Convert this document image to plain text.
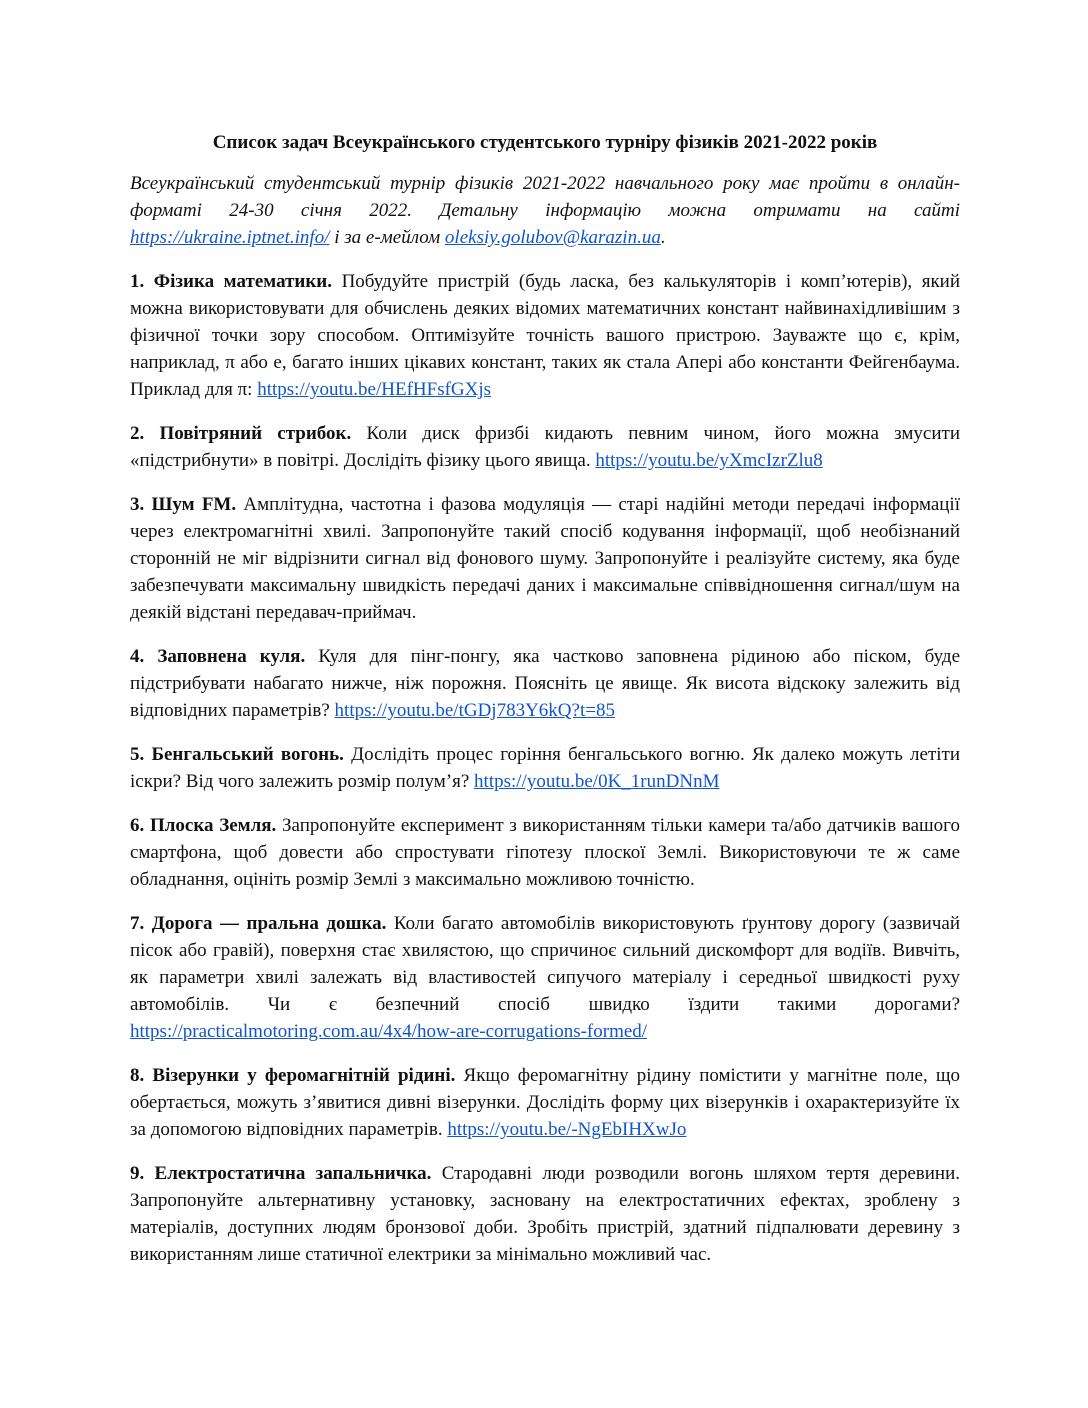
Список задач Всеукраїнського студентського турніру фізиків 2021-2022 років

Всеукраїнський студентський турнір фізиків 2021-2022 навчального року має пройти в онлайн-форматі 24-30 січня 2022. Детальну інформацію можна отримати на сайті https://ukraine.iptnet.info/ і за е-мейлом oleksiy.golubov@karazin.ua.

1. Фізика математики. Побудуйте пристрій (будь ласка, без калькуляторів і комп’ютерів), який можна використовувати для обчислень деяких відомих математичних констант найвинахідливішим з фізичної точки зору способом. Оптимізуйте точність вашого пристрою. Зауважте що є, крім, наприклад, π або e, багато інших цікавих констант, таких як стала Апері або константи Фейгенбаума. Приклад для π: https://youtu.be/HEfHFsfGXjs

2. Повітряний стрибок. Коли диск фризбі кидають певним чином, його можна змусити «підстрибнути» в повітрі. Дослідіть фізику цього явища. https://youtu.be/yXmcIzrZlu8

3. Шум FM. Амплітудна, частотна і фазова модуляція — старі надійні методи передачі інформації через електромагнітні хвилі. Запропонуйте такий спосіб кодування інформації, щоб необізнаний сторонній не міг відрізнити сигнал від фонового шуму. Запропонуйте і реалізуйте систему, яка буде забезпечувати максимальну швидкість передачі даних і максимальне співвідношення сигнал/шум на деякій відстані передавач-приймач.

4. Заповнена куля. Куля для пінг-понгу, яка частково заповнена рідиною або піском, буде підстрибувати набагато нижче, ніж порожня. Поясніть це явище. Як висота відскоку залежить від відповідних параметрів? https://youtu.be/tGDj783Y6kQ?t=85

5. Бенгальський вогонь. Дослідіть процес горіння бенгальського вогню. Як далеко можуть летіти іскри? Від чого залежить розмір полум’я? https://youtu.be/0K_1runDNnM

6. Плоска Земля. Запропонуйте експеримент з використанням тільки камери та/або датчиків вашого смартфона, щоб довести або спростувати гіпотезу плоскої Землі. Використовуючи те ж саме обладнання, оцініть розмір Землі з максимально можливою точністю.

7. Дорога — пральна дошка. Коли багато автомобілів використовують ґрунтову дорогу (зазвичай пісок або гравій), поверхня стає хвилястою, що спричиноє сильний дискомфорт для водіїв. Вивчіть, як параметри хвилі залежать від властивостей сипучого матеріалу і середньої швидкості руху автомобілів. Чи є безпечний спосіб швидко їздити такими дорогами? https://practicalmotoring.com.au/4x4/how-are-corrugations-formed/

8. Візерунки у феромагнітній рідині. Якщо феромагнітну рідину помістити у магнітне поле, що обертається, можуть з’явитися дивні візерунки. Дослідіть форму цих візерунків і охарактеризуйте їх за допомогою відповідних параметрів. https://youtu.be/-NgEbIHXwJo

9. Електростатична запальничка. Стародавні люди розводили вогонь шляхом тертя деревини. Запропонуйте альтернативну установку, засновану на електростатичних ефектах, зроблену з матеріалів, доступних людям бронзової доби. Зробіть пристрій, здатний підпалювати деревину з використанням лише статичної електрики за мінімально можливий час.
